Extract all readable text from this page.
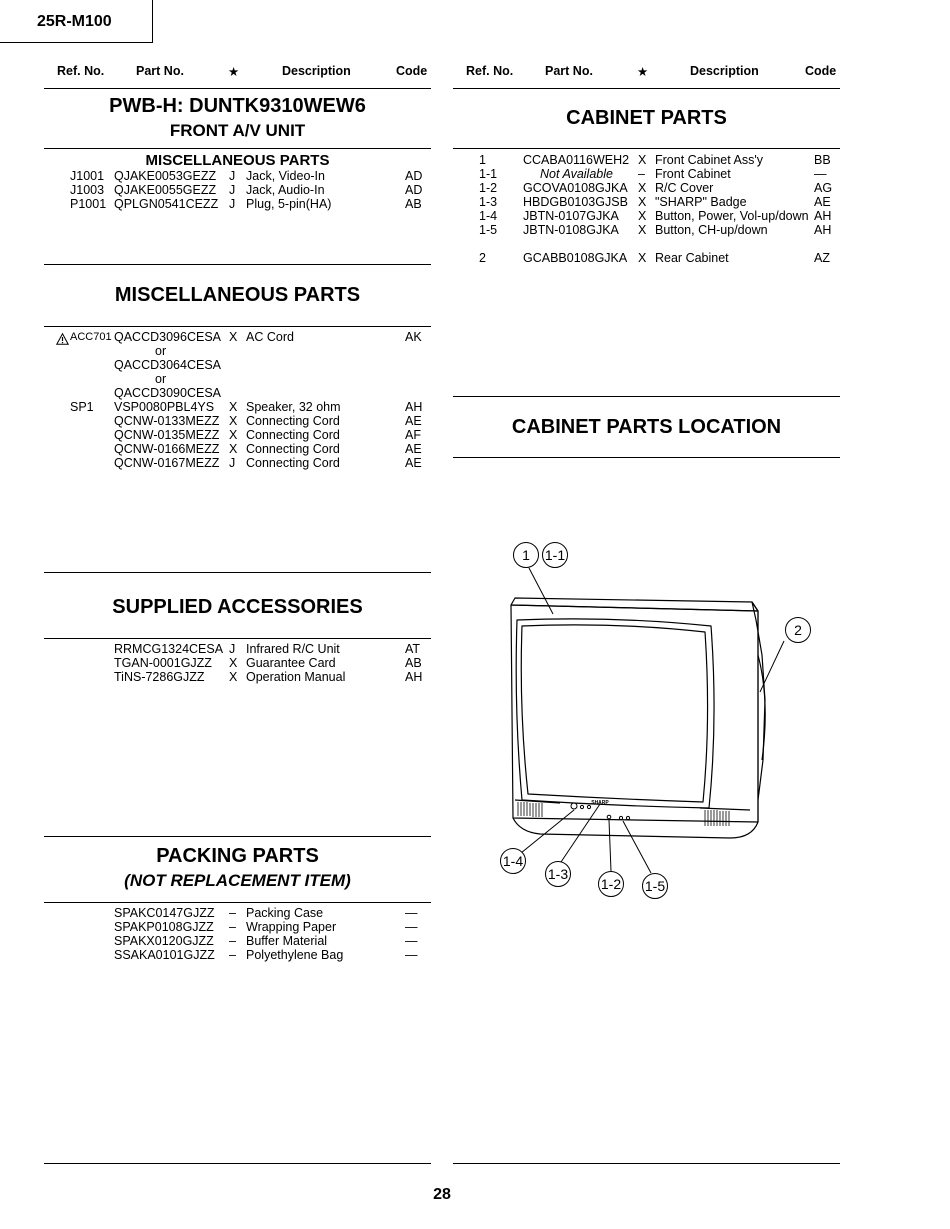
25R-M100
Ref. No.	Part No.	★	Description	Code	Ref. No.	Part No.	★	Description	Code
PWB-H: DUNTK9310WEW6
FRONT A/V UNIT
MISCELLANEOUS PARTS
J1001 QJAKE0053GEZZ J Jack, Video-In	AD
J1003 QJAKE0055GEZZ J Jack, Audio-In	AD
P1001 QPLGN0541CEZZ J Plug, 5-pin(HA)	AB
MISCELLANEOUS PARTS
ACC701 QACCD3096CESA X AC Cord	AK
or
QACCD3064CESA
or
QACCD3090CESA
SP1 VSP0080PBL4YS X Speaker, 32 ohm	AH
QCNW-0133MEZZ X Connecting Cord	AE
QCNW-0135MEZZ X Connecting Cord	AF
QCNW-0166MEZZ X Connecting Cord	AE
QCNW-0167MEZZ J Connecting Cord	AE
SUPPLIED ACCESSORIES
RRMCG1324CESA J Infrared R/C Unit	AT
TGAN-0001GJZZ X Guarantee Card	AB
TiNS-7286GJZZ X Operation Manual	AH
PACKING PARTS
(NOT REPLACEMENT ITEM)
SPAKC0147GJZZ – Packing Case	—
SPAKP0108GJZZ – Wrapping Paper	—
SPAKX0120GJZZ – Buffer Material	—
SSAKA0101GJZZ – Polyethylene Bag	—
CABINET PARTS
1	CCABA0116WEH2 X Front Cabinet Ass'y	BB
1-1	Not Available – Front Cabinet	—
1-2 GCOVA0108GJKA X R/C Cover	AG
1-3 HBDGB0103GJSB X "SHARP" Badge	AE
1-4 JBTN-0107GJKA X Button, Power, Vol-up/down AH
1-5 JBTN-0108GJKA X Button, CH-up/down	AH
2	GCABB0108GJKA X Rear Cabinet	AZ
CABINET PARTS LOCATION
SHARP
1 1-1
2
1-4
1-3
1-2 1-5
28
